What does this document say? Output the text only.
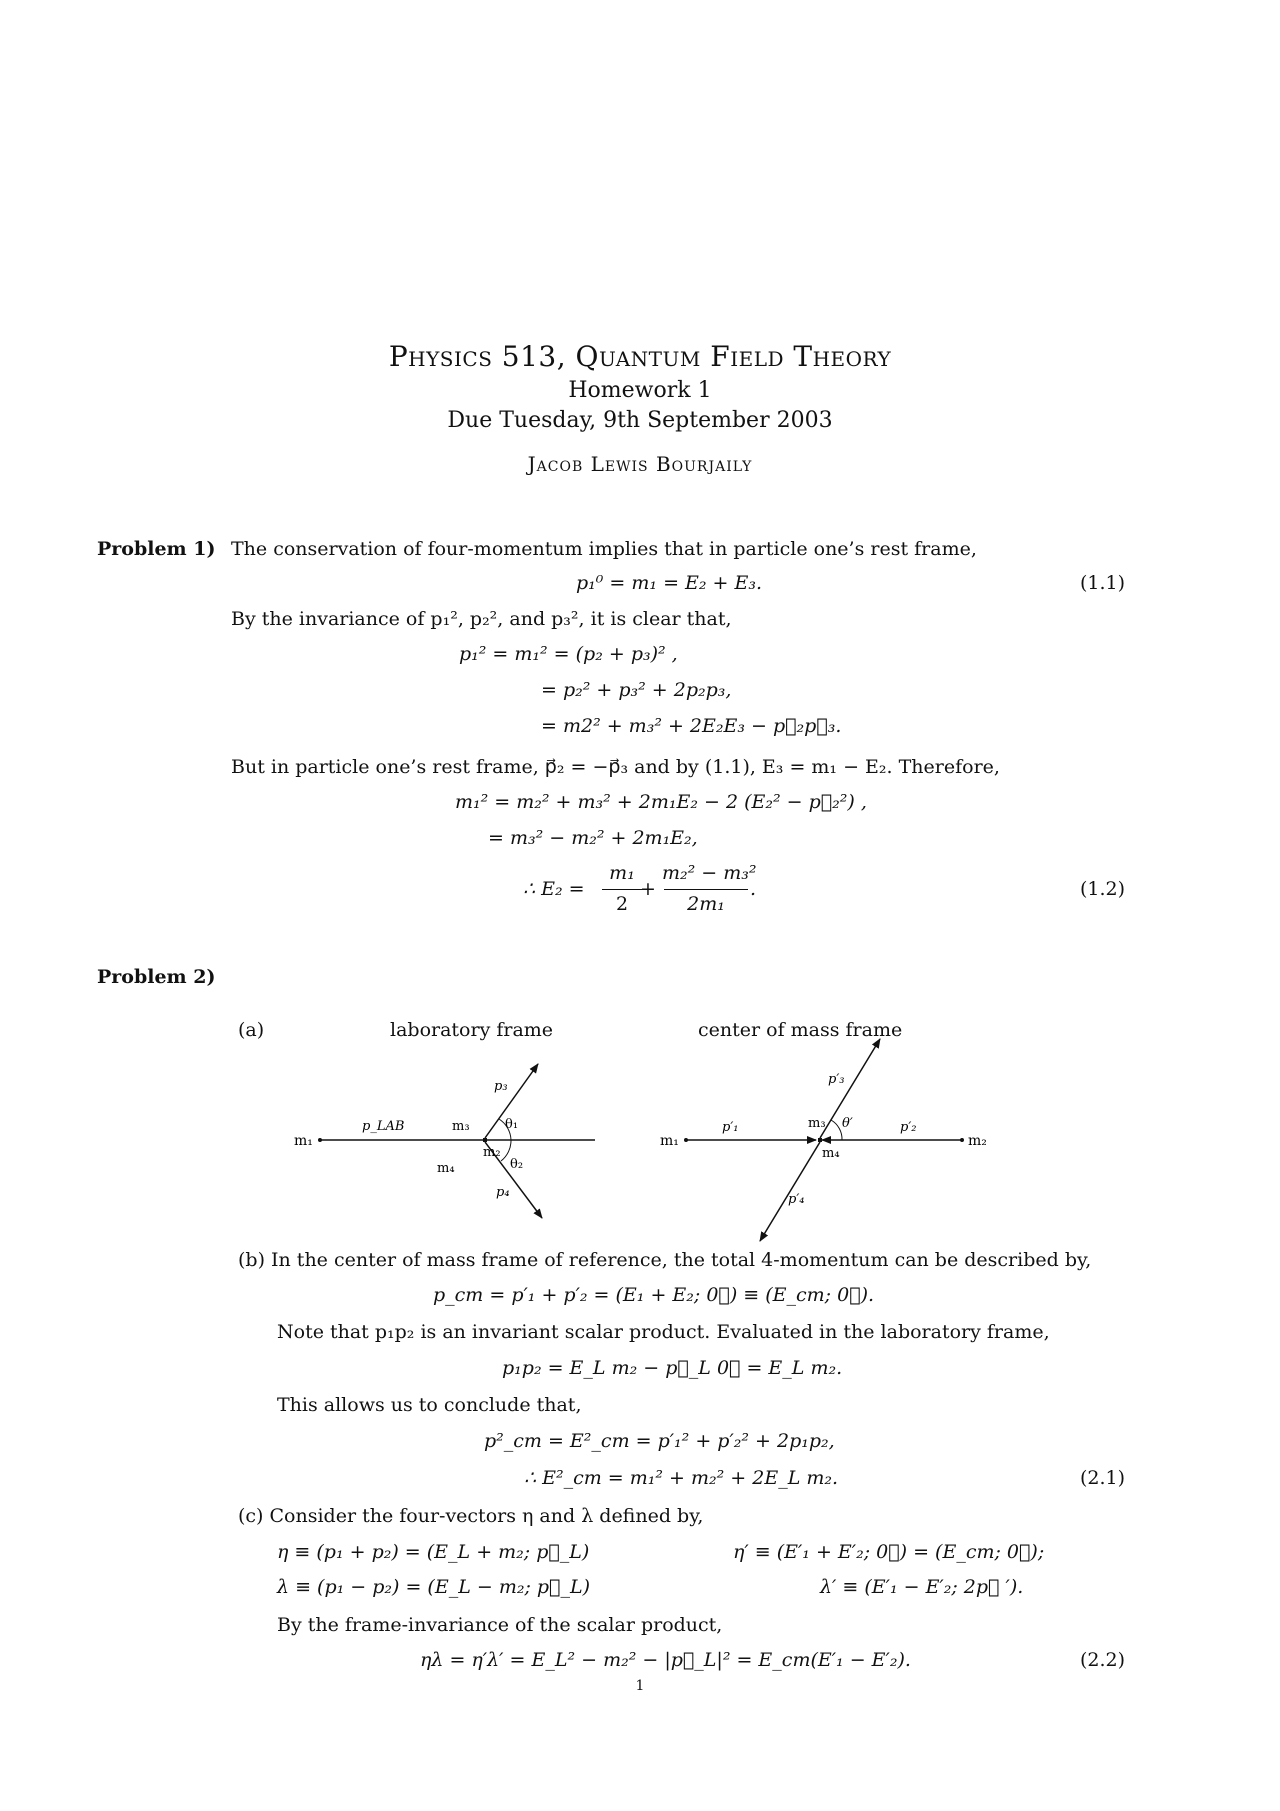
Physics 513, Quantum Field Theory
Homework 1
Due Tuesday, 9th September 2003
Jacob Lewis Bourjaily
Problem 1) The conservation of four-momentum implies that in particle one’s rest frame,
p₁⁰ = m₁ = E₂ + E₃.	(1.1)
By the invariance of p₁², p₂², and p₃², it is clear that,
p₁² = m₁² = (p₂ + p₃)² ,
= p₂² + p₃² + 2p₂p₃,
= m2² + m₃² + 2E₂E₃ − p⃗₂p⃗₃.
But in particle one’s rest frame, p⃗₂ = −p⃗₃ and by (1.1), E₃ = m₁ − E₂. Therefore,
m₁² = m₂² + m₃² + 2m₁E₂ − 2 (E₂² − p⃗₂²) ,
= m₃² − m₂² + 2m₁E₂,
∴ E₂ =
m₁
2
+
m₂² − m₃²
2m₁
.	(1.2)
Problem 2)
(a)	laboratory frame	center of mass frame
m₁
p_LAB	m₃
p₃
θ₁
m₂
θ₂
m₄
p₄
m₁
p′₁	m₃
p′₃
θ′	p′₂
m₂
m₄
p′₄
(b) In the center of mass frame of reference, the total 4-momentum can be described by,
p_cm = p′₁ + p′₂ = (E₁ + E₂; 0⃗) ≡ (E_cm; 0⃗).
Note that p₁p₂ is an invariant scalar product. Evaluated in the laboratory frame,
p₁p₂ = E_L m₂ − p⃗_L 0⃗ = E_L m₂.
This allows us to conclude that,
p²_cm = E²_cm = p′₁² + p′₂² + 2p₁p₂,
∴ E²_cm = m₁² + m₂² + 2E_L m₂.	(2.1)
(c) Consider the four-vectors η and λ defined by,
η ≡ (p₁ + p₂) = (E_L + m₂; p⃗_L)	η′ ≡ (E′₁ + E′₂; 0⃗) = (E_cm; 0⃗);
λ ≡ (p₁ − p₂) = (E_L − m₂; p⃗_L)	λ′ ≡ (E′₁ − E′₂; 2p⃗ ′).
By the frame-invariance of the scalar product,
ηλ = η′λ′ = E_L² − m₂² − |p⃗_L|² = E_cm(E′₁ − E′₂).	(2.2)
1
